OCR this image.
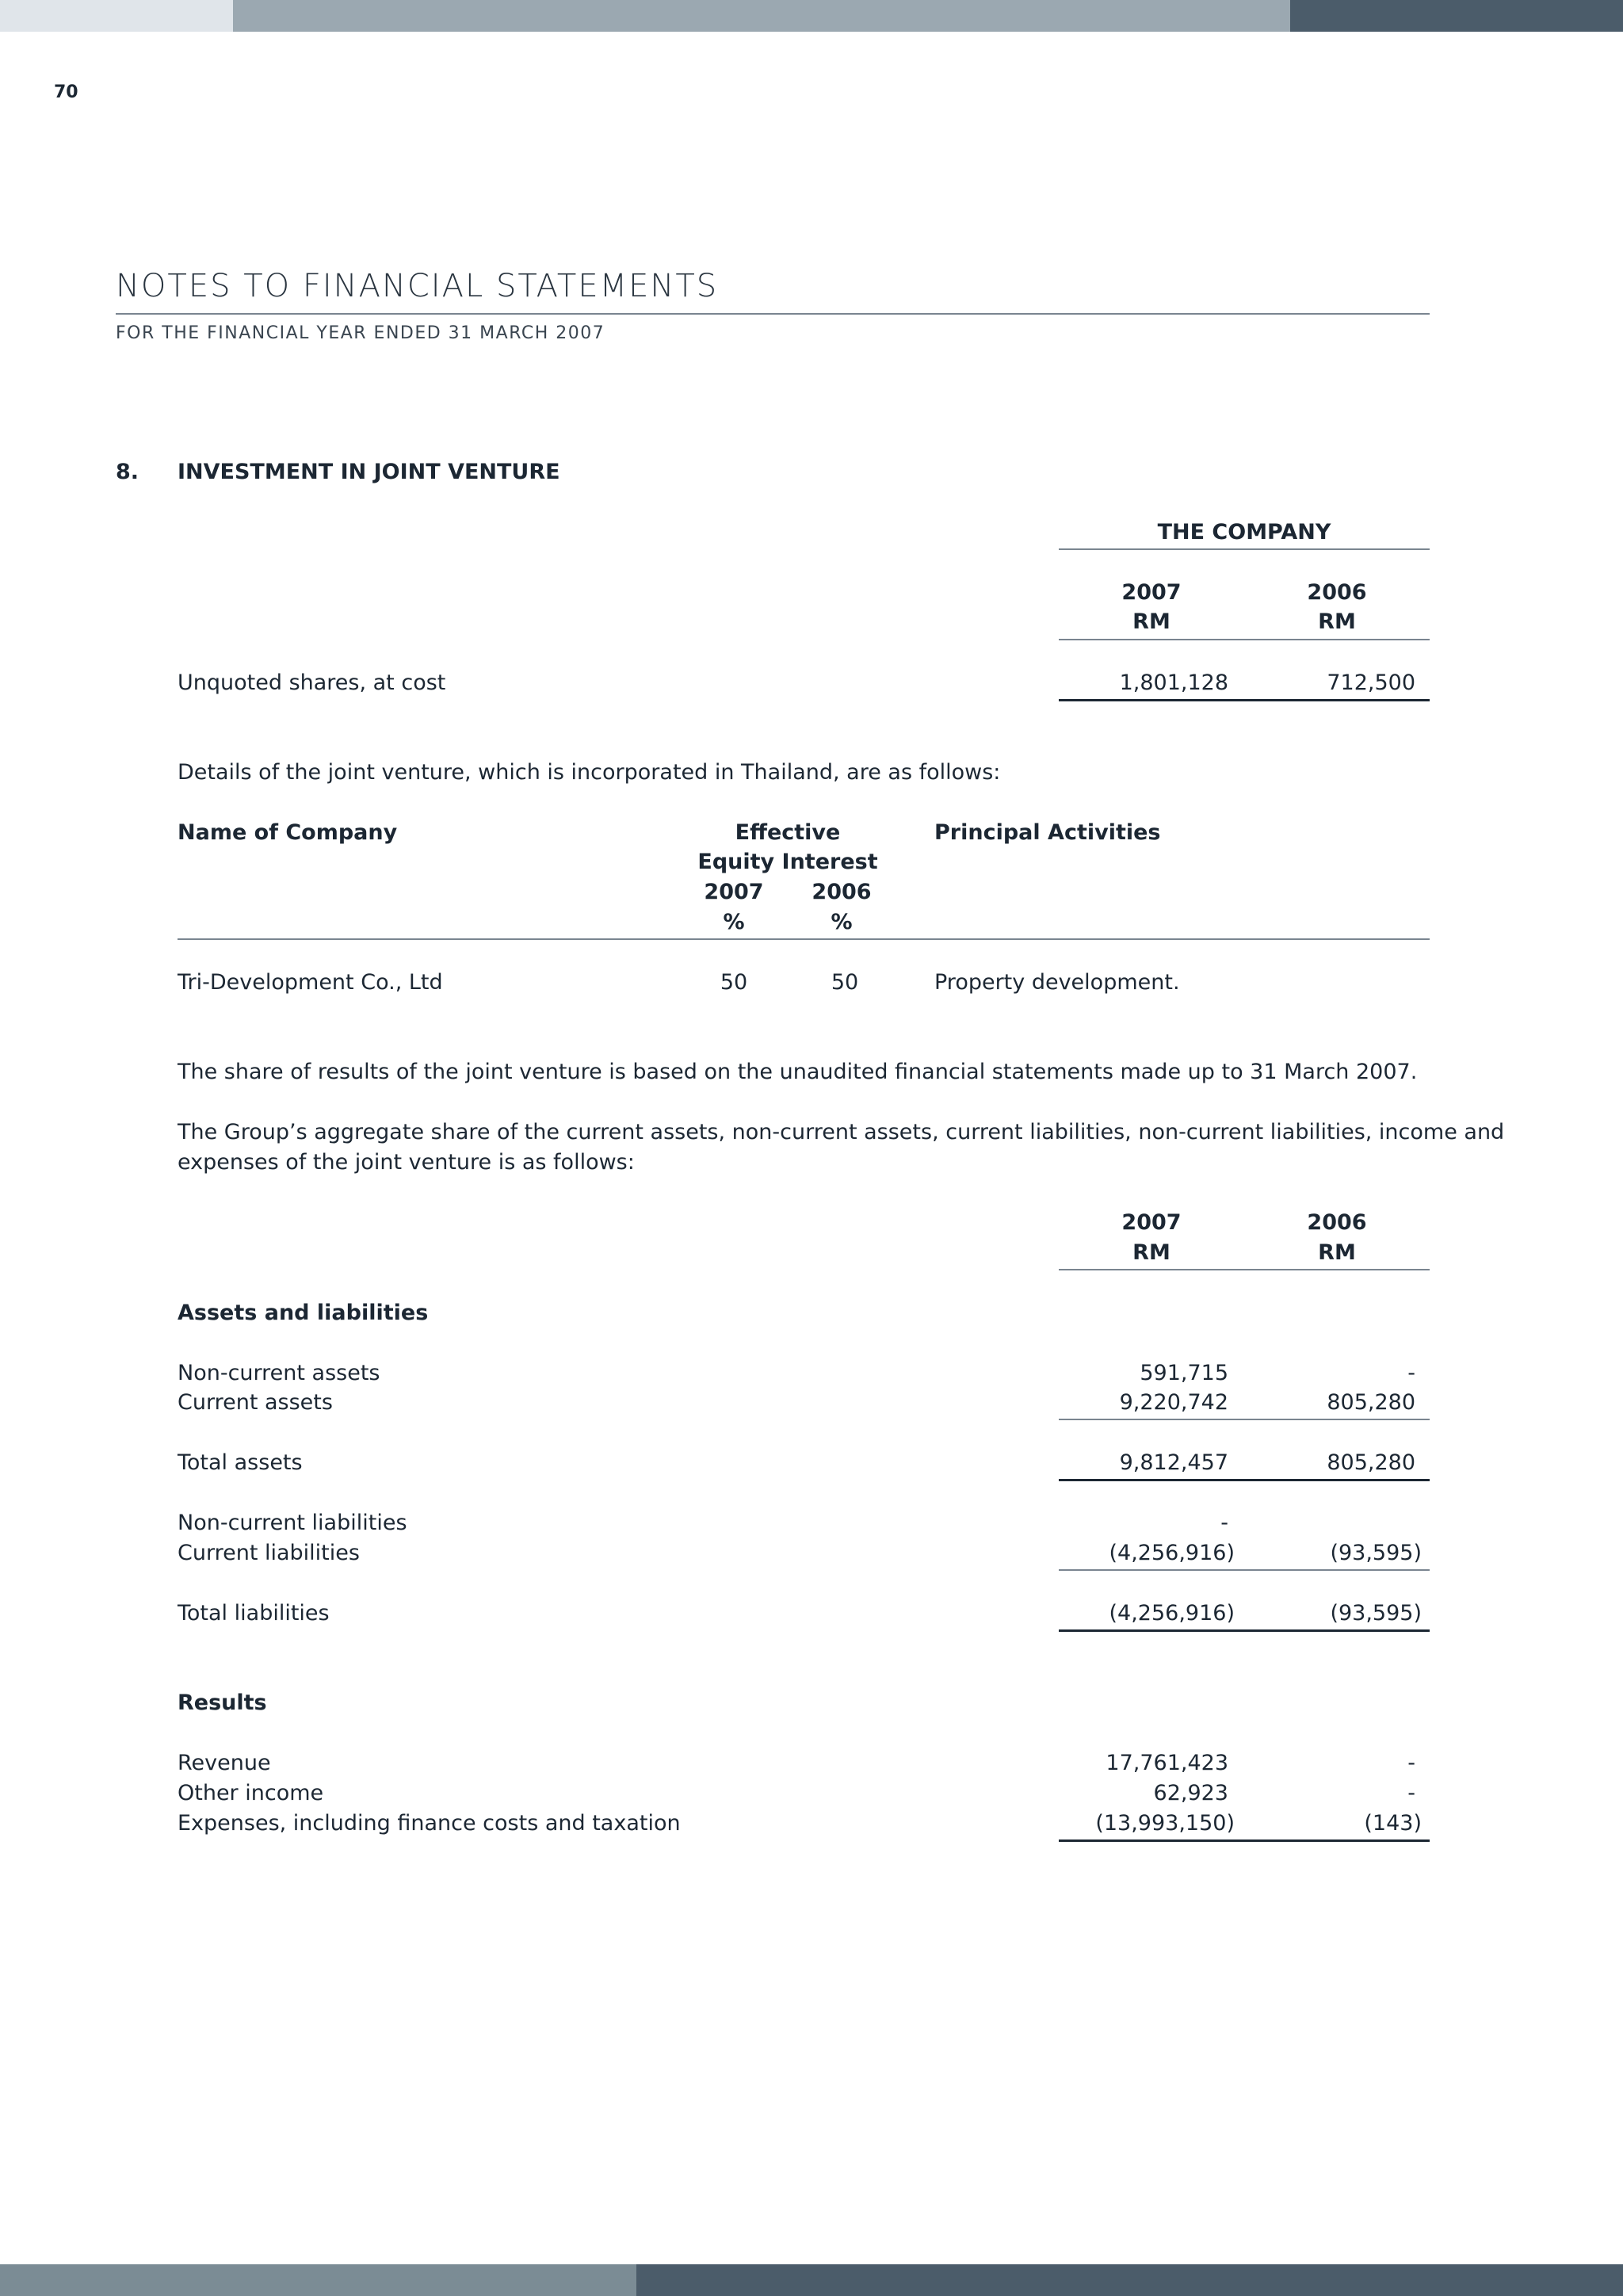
70
NOTES TO FINANCIAL STATEMENTS
FOR THE FINANCIAL YEAR ENDED 31 MARCH 2007
8. INVESTMENT IN JOINT VENTURE
THE COMPANY
2007	2006
RM	RM
Unquoted shares, at cost	1,801,128	712,500
Details of the joint venture, which is incorporated in Thailand, are as follows:
Name of Company	Effective
Equity Interest
2007	2006
%	%
Principal Activities
Tri-Development Co., Ltd	50	50	Property development.
The share of results of the joint venture is based on the unaudited financial statements made up to 31 March 2007.
The Group’s aggregate share of the current assets, non-current assets, current liabilities, non-current liabilities, income and
expenses of the joint venture is as follows:
2007	2006
RM	RM
Assets and liabilities
Non-current assets	591,715	-
Current assets	9,220,742	805,280
Total assets	9,812,457	805,280
Non-current liabilities	-
Current liabilities	(4,256,916)	(93,595)
Total liabilities	(4,256,916)	(93,595)
Results
Revenue	17,761,423	-
Other income	62,923	-
Expenses, including finance costs and taxation	(13,993,150)	(143)
